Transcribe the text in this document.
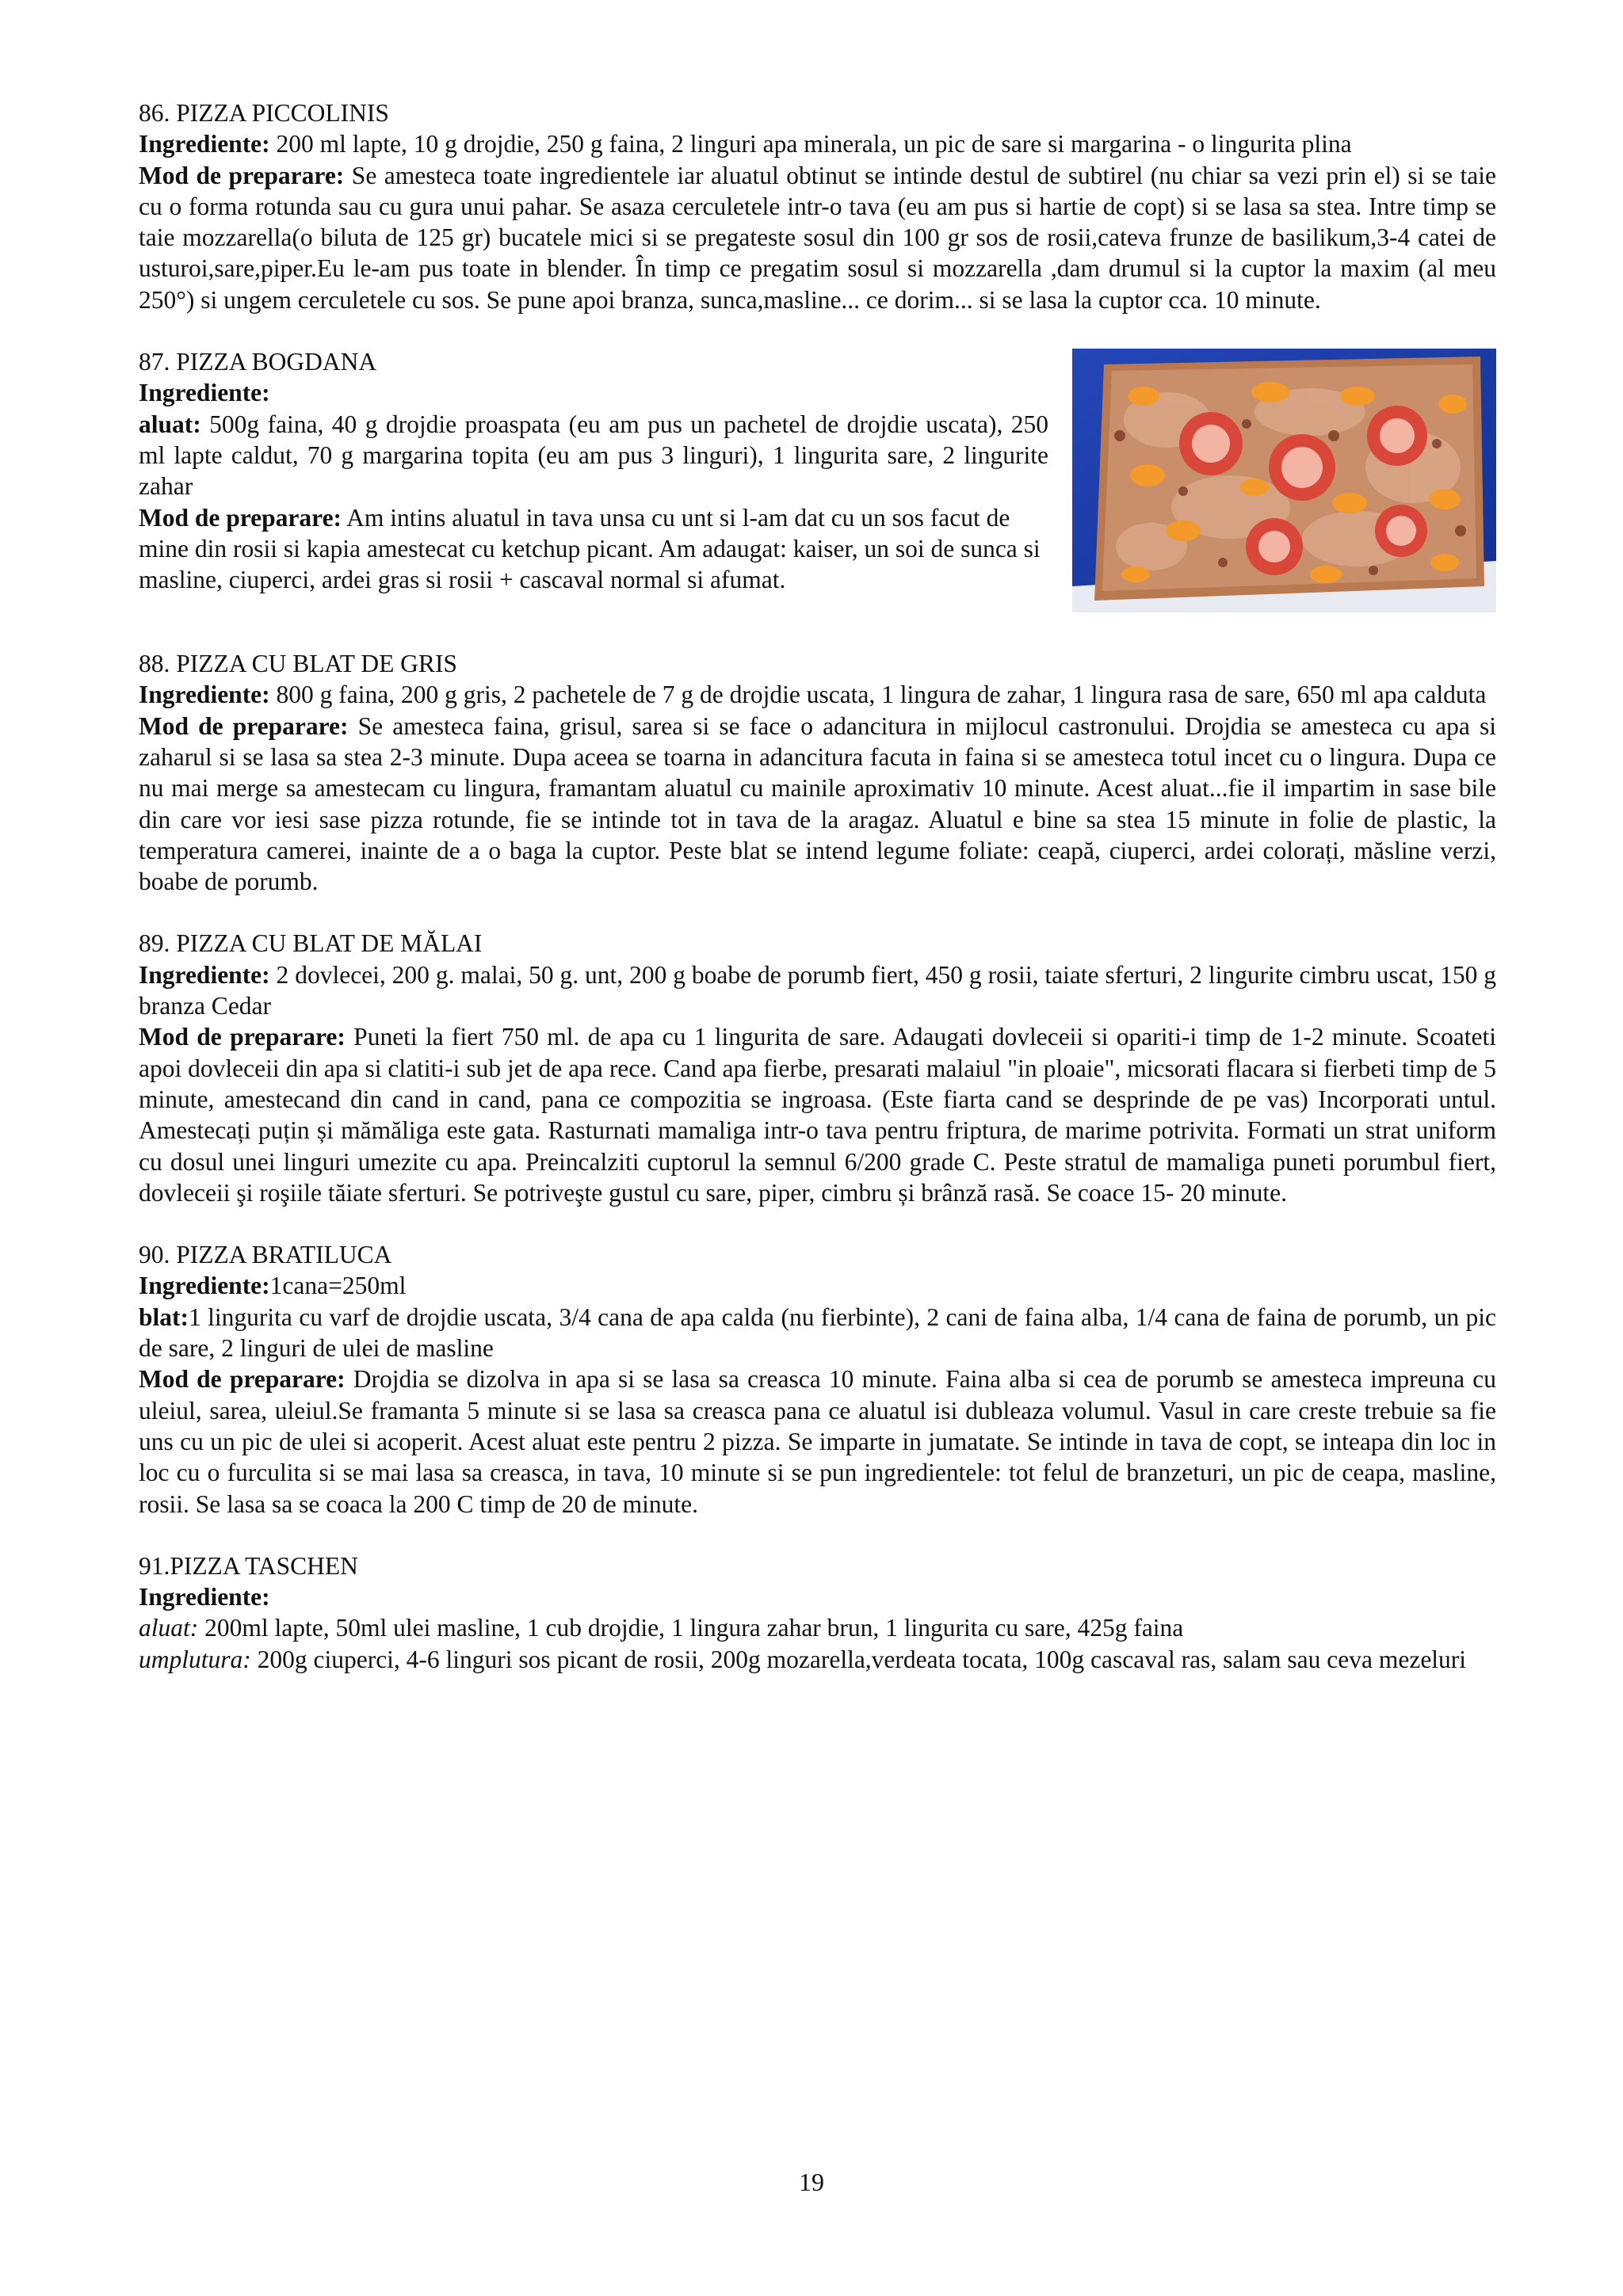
86. PIZZA PICCOLINIS

Ingrediente: 200 ml lapte, 10 g drojdie, 250 g faina, 2 linguri apa minerala, un pic de sare si margarina - o lingurita plina

Mod de preparare: Se amesteca toate ingredientele iar aluatul obtinut se intinde destul de subtirel (nu chiar sa vezi prin el) si se taie cu o forma rotunda sau cu gura unui pahar. Se asaza cerculetele intr-o tava (eu am pus si hartie de copt) si se lasa sa stea. Intre timp se taie mozzarella(o biluta de 125 gr) bucatele mici si se pregateste sosul din 100 gr sos de rosii,cateva frunze de basilikum,3-4 catei de usturoi,sare,piper.Eu le-am pus toate in blender. În timp ce pregatim sosul si mozzarella ,dam drumul si la cuptor la maxim (al meu 250°) si ungem cerculetele cu sos. Se pune apoi branza, sunca,masline... ce dorim... si se lasa la cuptor cca. 10 minute.

87. PIZZA BOGDANA
Ingrediente:

aluat: 500g faina, 40 g drojdie proaspata (eu am pus un pachetel de drojdie uscata), 250 ml lapte caldut, 70 g margarina topita (eu am pus 3 linguri), 1 lingurita sare, 2 lingurite zahar

Mod de preparare: Am intins aluatul in tava unsa cu unt si l-am dat cu un sos facut de mine din rosii si kapia amestecat cu ketchup picant. Am adaugat: kaiser, un soi de sunca si masline, ciuperci, ardei gras si rosii + cascaval normal si afumat.

88. PIZZA CU BLAT DE GRIS

Ingrediente: 800 g faina, 200 g gris, 2 pachetele de 7 g de drojdie uscata, 1 lingura de zahar, 1 lingura rasa de sare, 650 ml apa calduta

Mod de preparare: Se amesteca faina, grisul, sarea si se face o adancitura in mijlocul castronului. Drojdia se amesteca cu apa si zaharul si se lasa sa stea 2-3 minute. Dupa aceea se toarna in adancitura facuta in faina si se amesteca totul incet cu o lingura. Dupa ce nu mai merge sa amestecam cu lingura, framantam aluatul cu mainile aproximativ 10 minute. Acest aluat...fie il impartim in sase bile din care vor iesi sase pizza rotunde, fie se intinde tot in tava de la aragaz. Aluatul e bine sa stea 15 minute in folie de plastic, la temperatura camerei, inainte de a o baga la cuptor. Peste blat se intend legume foliate: ceapă, ciuperci, ardei colorați, măsline verzi, boabe de porumb.

89. PIZZA CU BLAT DE MĂLAI

Ingrediente: 2 dovlecei, 200 g. malai, 50 g. unt, 200 g boabe de porumb fiert, 450 g rosii, taiate sferturi, 2 lingurite cimbru uscat, 150 g branza Cedar

Mod de preparare: Puneti la fiert 750 ml. de apa cu 1 lingurita de sare. Adaugati dovleceii si opariti-i timp de 1-2 minute. Scoateti apoi dovleceii din apa si clatiti-i sub jet de apa rece. Cand apa fierbe, presarati malaiul "in ploaie", micsorati flacara si fierbeti timp de 5 minute, amestecand din cand in cand, pana ce compozitia se ingroasa. (Este fiarta cand se desprinde de pe vas) Incorporati untul. Amestecați puțin și mămăliga este gata. Rasturnati mamaliga intr-o tava pentru friptura, de marime potrivita. Formati un strat uniform cu dosul unei linguri umezite cu apa. Preincalziti cuptorul la semnul 6/200 grade C. Peste stratul de mamaliga puneti porumbul fiert, dovleceii şi roşiile tăiate sferturi. Se potriveşte gustul cu sare, piper, cimbru și brânză rasă. Se coace 15- 20 minute.

90. PIZZA BRATILUCA

Ingrediente:1cana=250ml

blat:1 lingurita cu varf de drojdie uscata, 3/4 cana de apa calda (nu fierbinte), 2 cani de faina alba, 1/4 cana de faina de porumb, un pic de sare, 2 linguri de ulei de masline

Mod de preparare: Drojdia se dizolva in apa si se lasa sa creasca 10 minute. Faina alba si cea de porumb se amesteca impreuna cu uleiul, sarea, uleiul.Se framanta 5 minute si se lasa sa creasca pana ce aluatul isi dubleaza volumul. Vasul in care creste trebuie sa fie uns cu un pic de ulei si acoperit. Acest aluat este pentru 2 pizza. Se imparte in jumatate. Se intinde in tava de copt, se inteapa din loc in loc cu o furculita si se mai lasa sa creasca, in tava, 10 minute si se pun ingredientele: tot felul de branzeturi, un pic de ceapa, masline, rosii. Se lasa sa se coaca la 200 C timp de 20 de minute.

91.PIZZA TASCHEN
Ingrediente:

aluat: 200ml lapte, 50ml ulei masline, 1 cub drojdie, 1 lingura zahar brun, 1 lingurita cu sare, 425g faina

umplutura: 200g ciuperci, 4-6 linguri sos picant de rosii, 200g mozarella,verdeata tocata, 100g cascaval ras, salam sau ceva mezeluri

19
